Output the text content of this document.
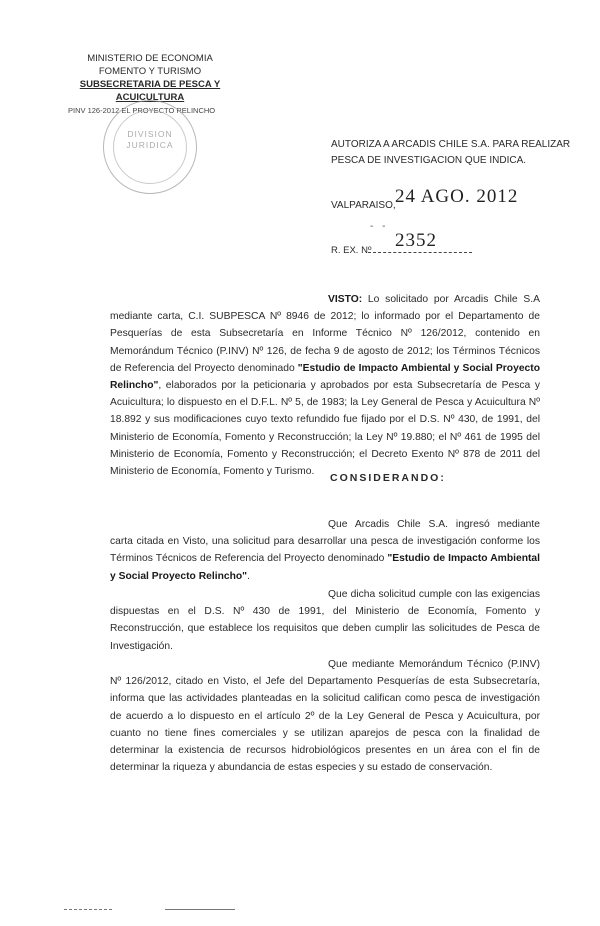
MINISTERIO DE ECONOMIA
FOMENTO Y TURISMO
SUBSECRETARIA DE PESCA Y ACUICULTURA
PINV 126-2012 EL PROYECTO RELINCHO
DIVISION
JURIDICA	AUTORIZA A ARCADIS CHILE S.A. PARA REALIZAR PESCA DE INVESTIGACION QUE INDICA.
VALPARAISO, 24 AGO. 2012
- -
R. EX. Nº 2352
VISTO: Lo solicitado por Arcadis Chile S.A mediante carta, C.I. SUBPESCA Nº 8946 de 2012; lo informado por el Departamento de Pesquerías de esta Subsecretaría en Informe Técnico Nº 126/2012, contenido en Memorándum Técnico (P.INV) Nº 126, de fecha 9 de agosto de 2012; los Términos Técnicos de Referencia del Proyecto denominado "Estudio de Impacto Ambiental y Social Proyecto Relincho", elaborados por la peticionaria y aprobados por esta Subsecretaría de Pesca y Acuicultura; lo dispuesto en el D.F.L. Nº 5, de 1983; la Ley General de Pesca y Acuicultura Nº 18.892 y sus modificaciones cuyo texto refundido fue fijado por el D.S. Nº 430, de 1991, del Ministerio de Economía, Fomento y Reconstrucción; la Ley Nº 19.880; el Nº 461 de 1995 del Ministerio de Economía, Fomento y Reconstrucción; el Decreto Exento Nº 878 de 2011 del Ministerio de Economía, Fomento y Turismo.
CONSIDERANDO:
Que Arcadis Chile S.A. ingresó mediante carta citada en Visto, una solicitud para desarrollar una pesca de investigación conforme los Términos Técnicos de Referencia del Proyecto denominado "Estudio de Impacto Ambiental y Social Proyecto Relincho".
Que dicha solicitud cumple con las exigencias dispuestas en el D.S. Nº 430 de 1991, del Ministerio de Economía, Fomento y Reconstrucción, que establece los requisitos que deben cumplir las solicitudes de Pesca de Investigación.
Que mediante Memorándum Técnico (P.INV) Nº 126/2012, citado en Visto, el Jefe del Departamento Pesquerías de esta Subsecretaría, informa que las actividades planteadas en la solicitud califican como pesca de investigación de acuerdo a lo dispuesto en el artículo 2º de la Ley General de Pesca y Acuicultura, por cuanto no tiene fines comerciales y se utilizan aparejos de pesca con la finalidad de determinar la existencia de recursos hidrobiológicos presentes en un área con el fin de determinar la riqueza y abundancia de estas especies y su estado de conservación.
